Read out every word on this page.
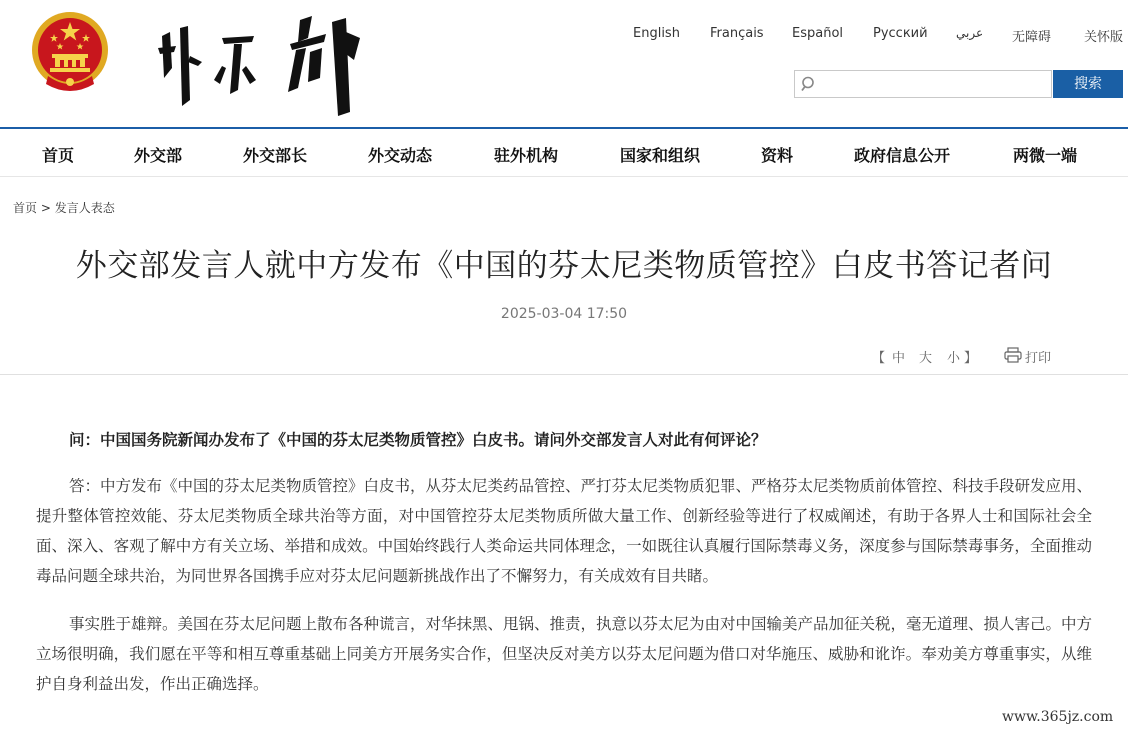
English Français Español Русский عربي 无障碍	关怀版
搜索
首页	外交部	外交部长	外交动态	驻外机构	国家和组织	资料	政府信息公开	两微一端
首页 > 发言人表态
外交部发言人就中方发布《中国的芬太尼类物质管控》白皮书答记者问
2025-03-04 17:50
【 中 大 小 】	打印

问：中国国务院新闻办发布了《中国的芬太尼类物质管控》白皮书。请问外交部发言人对此有何评论？

答：中方发布《中国的芬太尼类物质管控》白皮书，从芬太尼类药品管控、严打芬太尼类物质犯罪、严格芬太尼类物质前体管控、科技手段研发应用、提升整体管控效能、芬太尼类物质全球共治等方面，对中国管控芬太尼类物质所做大量工作、创新经验等进行了权威阐述，有助于各界人士和国际社会全面、深入、客观了解中方有关立场、举措和成效。中国始终践行人类命运共同体理念，一如既往认真履行国际禁毒义务，深度参与国际禁毒事务，全面推动毒品问题全球共治，为同世界各国携手应对芬太尼问题新挑战作出了不懈努力，有关成效有目共睹。

事实胜于雄辩。美国在芬太尼问题上散布各种谎言，对华抹黑、甩锅、推责，执意以芬太尼为由对中国输美产品加征关税，毫无道理、损人害己。中方立场很明确，我们愿在平等和相互尊重基础上同美方开展务实合作，但坚决反对美方以芬太尼问题为借口对华施压、威胁和讹诈。奉劝美方尊重事实，从维护自身利益出发，作出正确选择。

www.365jz.com
